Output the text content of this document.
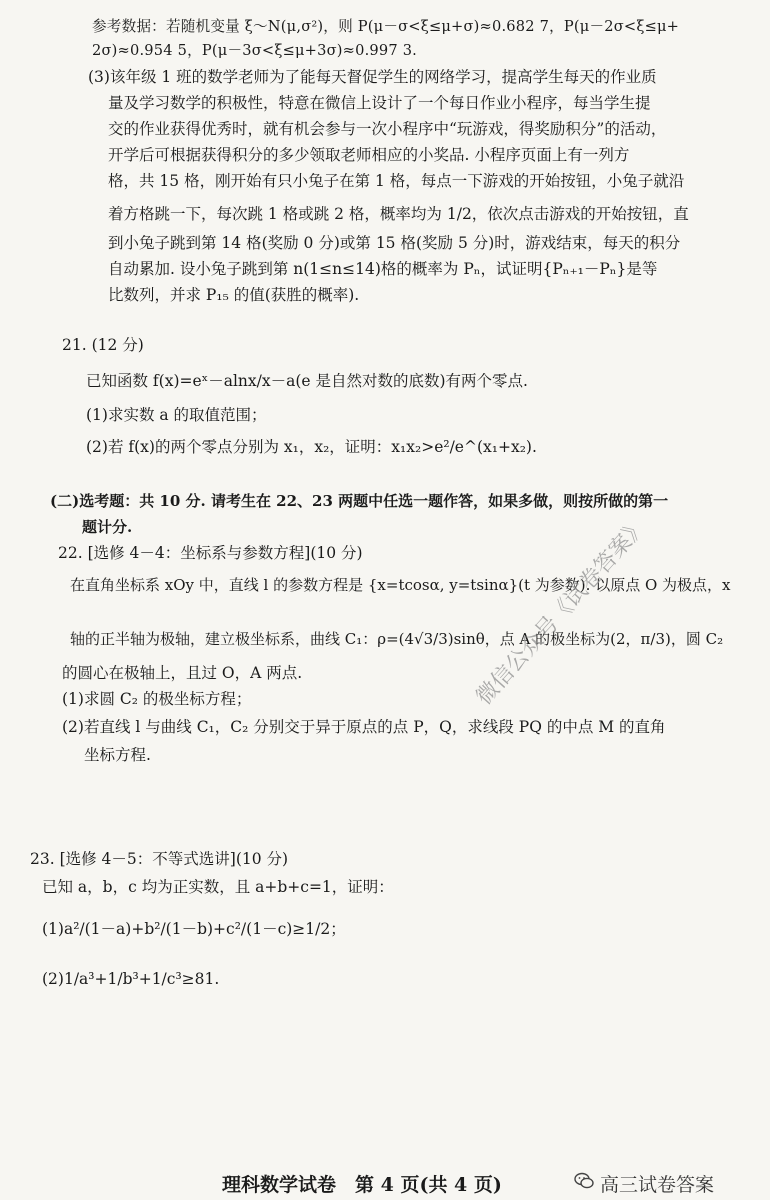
参考数据：若随机变量 ξ～N(μ,σ²)，则 P(μ－σ<ξ≤μ+σ)≈0.682 7，P(μ－2σ<ξ≤μ+
2σ)≈0.954 5，P(μ－3σ<ξ≤μ+3σ)≈0.997 3.
(3)该年级 1 班的数学老师为了能每天督促学生的网络学习，提高学生每天的作业质
量及学习数学的积极性，特意在微信上设计了一个每日作业小程序，每当学生提
交的作业获得优秀时，就有机会参与一次小程序中“玩游戏，得奖励积分”的活动，
开学后可根据获得积分的多少领取老师相应的小奖品. 小程序页面上有一列方
格，共 15 格，刚开始有只小兔子在第 1 格，每点一下游戏的开始按钮，小兔子就沿
着方格跳一下，每次跳 1 格或跳 2 格，概率均为 1/2，依次点击游戏的开始按钮，直
到小兔子跳到第 14 格(奖励 0 分)或第 15 格(奖励 5 分)时，游戏结束，每天的积分
自动累加. 设小兔子跳到第 n(1≤n≤14)格的概率为 Pₙ，试证明{Pₙ₊₁－Pₙ}是等
比数列，并求 P₁₅ 的值(获胜的概率).
21. (12 分)
已知函数 f(x)=eˣ－alnx/x－a(e 是自然对数的底数)有两个零点.
(1)求实数 a 的取值范围；
(2)若 f(x)的两个零点分别为 x₁，x₂，证明：x₁x₂>e²/e^(x₁+x₂).
(二)选考题：共 10 分. 请考生在 22、23 两题中任选一题作答，如果多做，则按所做的第一
题计分.
22. [选修 4－4：坐标系与参数方程](10 分)
在直角坐标系 xOy 中，直线 l 的参数方程是 {x=tcosα, y=tsinα}(t 为参数). 以原点 O 为极点，x
轴的正半轴为极轴，建立极坐标系，曲线 C₁：ρ=(4√3/3)sinθ，点 A 的极坐标为(2，π/3)，圆 C₂
的圆心在极轴上，且过 O，A 两点.
(1)求圆 C₂ 的极坐标方程；
(2)若直线 l 与曲线 C₁，C₂ 分别交于异于原点的点 P，Q，求线段 PQ 的中点 M 的直角
坐标方程.
23. [选修 4－5：不等式选讲](10 分)
已知 a，b，c 均为正实数，且 a+b+c=1，证明：
(1)a²/(1－a)+b²/(1－b)+c²/(1－c)≥1/2；
(2)1/a³+1/b³+1/c³≥81.
微信公众号《试卷答案》
理科数学试卷　第 4 页(共 4 页)	高三试卷答案
